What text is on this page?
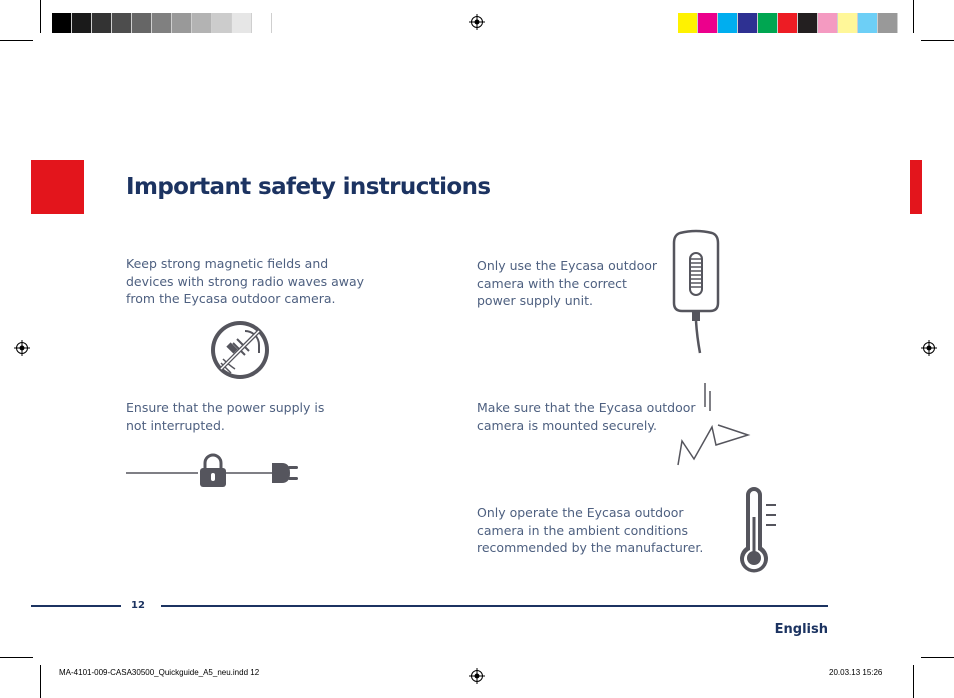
Important safety instructions

Keep strong magnetic fields and
devices with strong radio waves away
from the Eycasa outdoor camera.

Only use the Eycasa outdoor
camera with the correct
power supply unit.

Ensure that the power supply is
not interrupted.

Make sure that the Eycasa outdoor
camera is mounted securely.

Only operate the Eycasa outdoor
camera in the ambient conditions
recommended by the manufacturer.

12
English
MA-4101-009-CASA30500_Quickguide_A5_neu.indd 12	20.03.13 15:26
